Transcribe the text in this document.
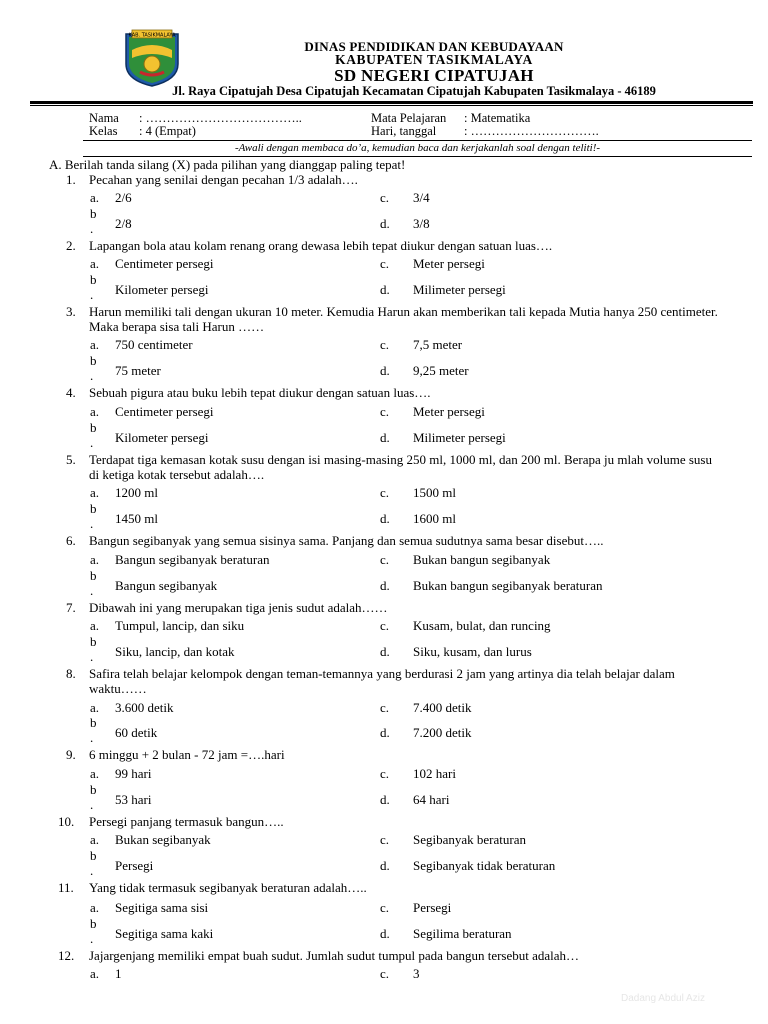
KAB. TASIKMALAYA
DINAS PENDIDIKAN DAN KEBUDAYAAN
KABUPATEN TASIKMALAYA
SD NEGERI CIPATUJAH
Jl. Raya Cipatujah Desa Cipatujah Kecamatan Cipatujah Kabupaten Tasikmalaya - 46189
Nama : ………………………………..
Kelas : 4 (Empat)
Mata Pelajaran : Matematika
Hari, tanggal : ………………………….
-Awali dengan membaca do’a, kemudian baca dan kerjakanlah soal dengan teliti!-
A. Berilah tanda silang (X) pada pilihan yang dianggap paling tepat!
1.	Pecahan yang senilai dengan pecahan 1/3 adalah….
a. 2/6	c. 3/4
b
. 2/8	d. 3/8
2.	Lapangan bola atau kolam renang orang dewasa lebih tepat diukur dengan satuan luas….
a. Centimeter persegi	c. Meter persegi
b
. Kilometer persegi	d. Milimeter persegi
3.	Harun memiliki tali dengan ukuran 10 meter. Kemudia Harun akan memberikan tali kepada Mutia hanya 250 centimeter. Maka berapa sisa tali Harun ……
a. 750 centimeter	c. 7,5 meter
b
. 75 meter	d. 9,25 meter
4.	Sebuah pigura atau buku lebih tepat diukur dengan satuan luas….
a. Centimeter persegi	c. Meter persegi
b
. Kilometer persegi	d. Milimeter persegi
5.	Terdapat tiga kemasan kotak susu dengan isi masing-masing 250 ml, 1000 ml, dan 200 ml. Berapa ju mlah volume susu di ketiga kotak tersebut adalah….
a. 1200 ml	c. 1500 ml
b
. 1450 ml	d. 1600 ml
6.	Bangun segibanyak yang semua sisinya sama. Panjang dan semua sudutnya sama besar disebut…..
a. Bangun segibanyak beraturan	c. Bukan bangun segibanyak
b
. Bangun segibanyak	d. Bukan bangun segibanyak beraturan
7.	Dibawah ini yang merupakan tiga jenis sudut adalah……
a. Tumpul, lancip, dan siku	c. Kusam, bulat, dan runcing
b
. Siku, lancip, dan kotak	d. Siku, kusam, dan lurus
8.	Safira telah belajar kelompok dengan teman-temannya yang berdurasi 2 jam yang artinya dia telah belajar dalam waktu……
a. 3.600 detik	c. 7.400 detik
b
. 60 detik	d. 7.200 detik
9.	6 minggu + 2 bulan - 72 jam =….hari
a. 99 hari	c. 102 hari
b
. 53 hari	d. 64 hari
10.	Persegi panjang termasuk bangun…..
a. Bukan segibanyak	c. Segibanyak beraturan
b
. Persegi	d. Segibanyak tidak beraturan
11.	Yang tidak termasuk segibanyak beraturan adalah…..
a. Segitiga sama sisi	c. Persegi
b
. Segitiga sama kaki	d. Segilima beraturan
12.	Jajargenjang memiliki empat buah sudut. Jumlah sudut tumpul pada bangun tersebut adalah…
a. 1	c. 3
Dadang Abdul Aziz
